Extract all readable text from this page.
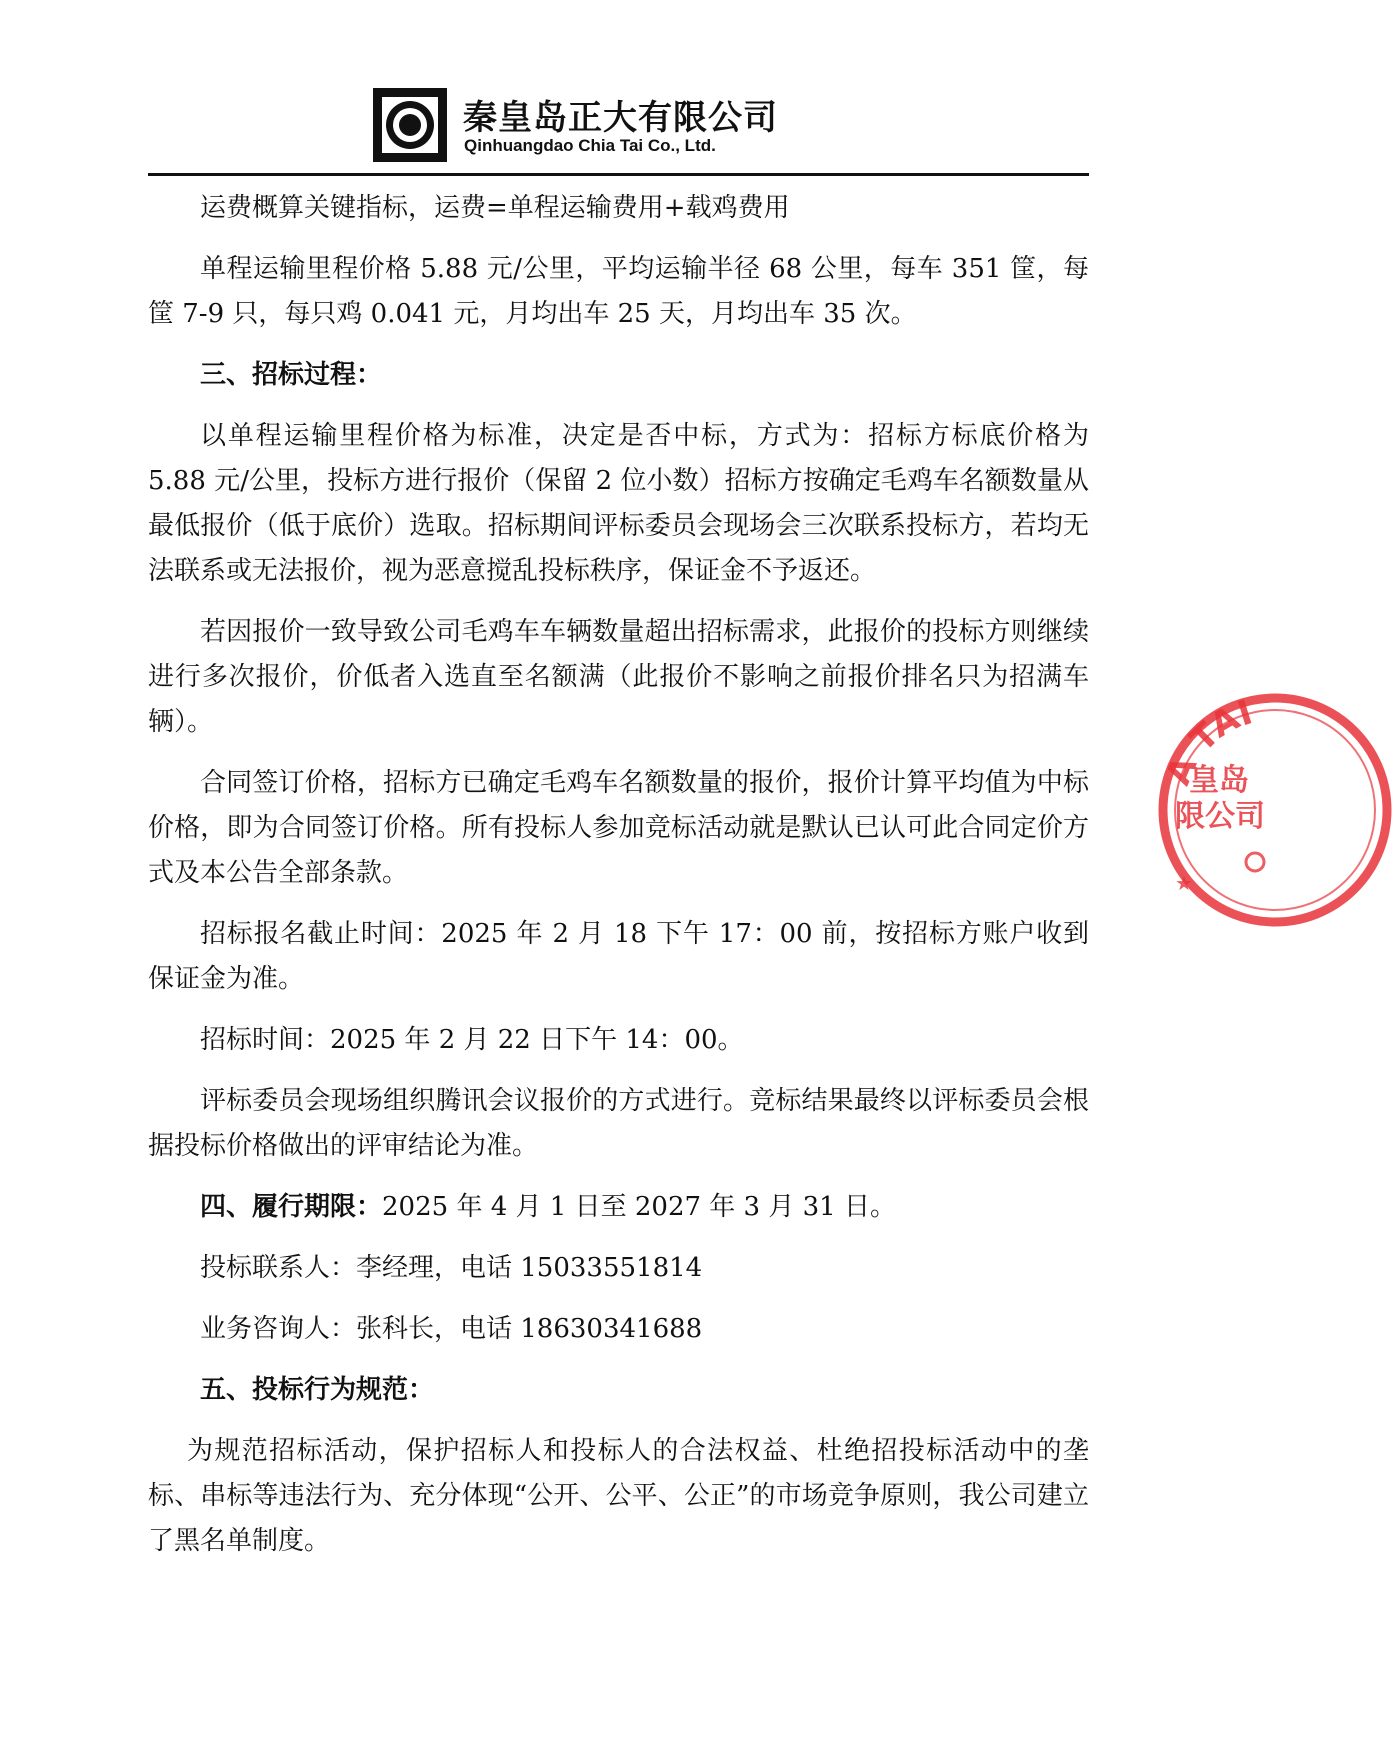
秦皇岛正大有限公司
Qinhuangdao Chia Tai Co., Ltd.

运费概算关键指标，运费=单程运输费用+载鸡费用

单程运输里程价格 5.88 元/公里，平均运输半径 68 公里，每车 351 筐，每筐 7-9 只，每只鸡 0.041 元，月均出车 25 天，月均出车 35 次。

三、招标过程：

以单程运输里程价格为标准，决定是否中标，方式为：招标方标底价格为 5.88 元/公里，投标方进行报价（保留 2 位小数）招标方按确定毛鸡车名额数量从最低报价（低于底价）选取。招标期间评标委员会现场会三次联系投标方，若均无法联系或无法报价，视为恶意搅乱投标秩序，保证金不予返还。

若因报价一致导致公司毛鸡车车辆数量超出招标需求，此报价的投标方则继续进行多次报价，价低者入选直至名额满（此报价不影响之前报价排名只为招满车辆）。

合同签订价格，招标方已确定毛鸡车名额数量的报价，报价计算平均值为中标价格，即为合同签订价格。所有投标人参加竞标活动就是默认已认可此合同定价方式及本公告全部条款。

招标报名截止时间：2025 年 2 月 18 下午 17：00 前，按招标方账户收到保证金为准。

招标时间：2025 年 2 月 22 日下午 14：00。

评标委员会现场组织腾讯会议报价的方式进行。竞标结果最终以评标委员会根据投标价格做出的评审结论为准。

四、履行期限：2025 年 4 月 1 日至 2027 年 3 月 31 日。

投标联系人：李经理，电话 15033551814

业务咨询人：张科长，电话 18630341688

五、投标行为规范：

为规范招标活动，保护招标人和投标人的合法权益、杜绝招投标活动中的垄标、串标等违法行为、充分体现“公开、公平、公正”的市场竞争原则，我公司建立了黑名单制度。

A TAI
皇岛
限公司
★
